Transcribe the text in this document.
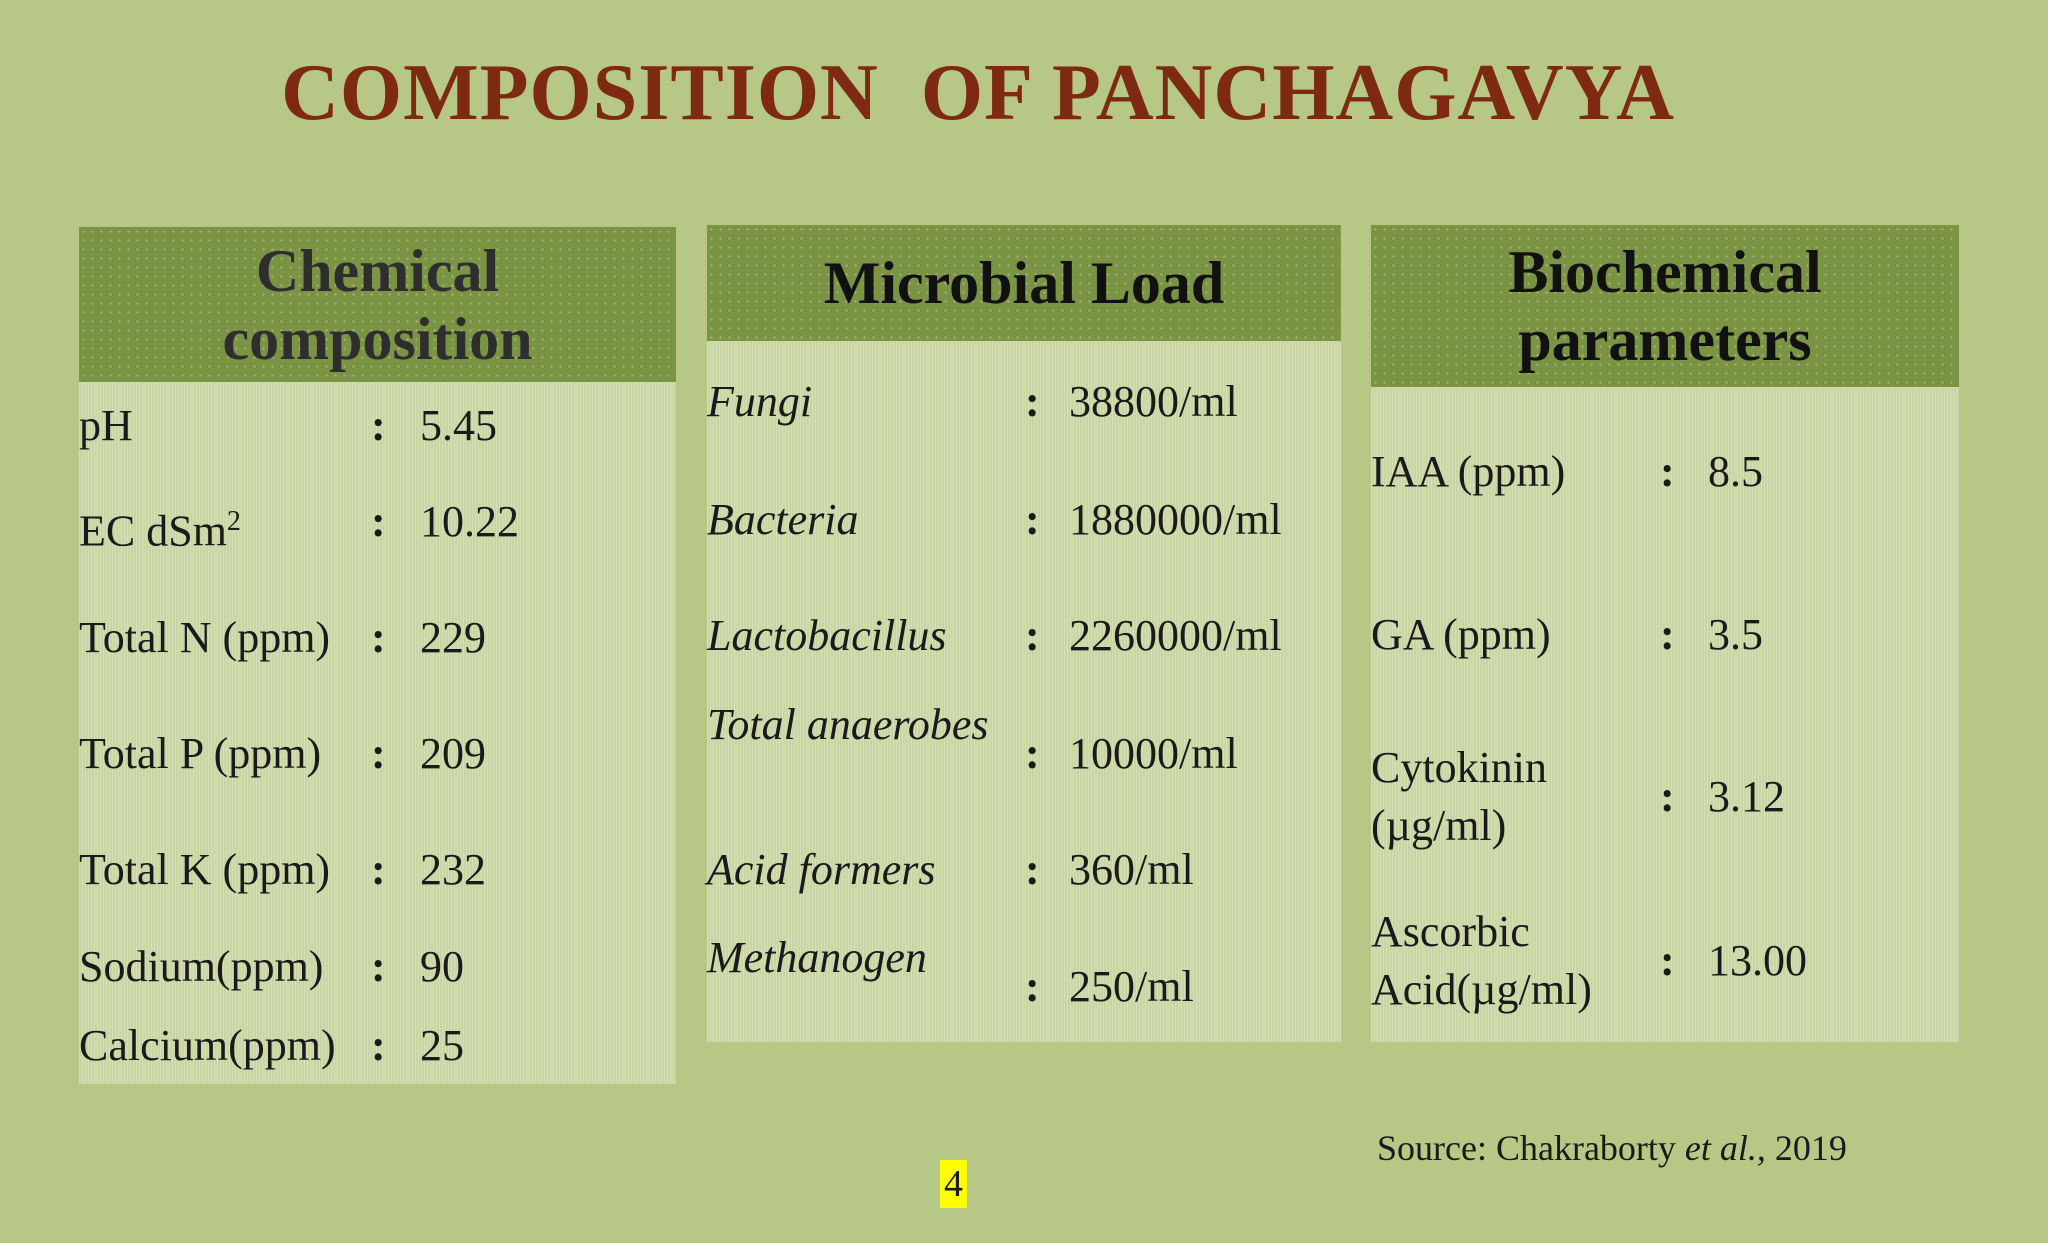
COMPOSITION  OF PANCHAGAVYA
Chemical
composition
pH	: 5.45
EC dSm$^2$	: 10.22
Total N (ppm) : 229
Total P (ppm) : 209
Total K (ppm) : 232
Sodium(ppm) : 90
Calcium(ppm) : 25
Microbial Load
Fungi	: 38800/ml
Bacteria	: 1880000/ml
Lactobacillus : 2260000/ml
Total anaerobes
: 10000/ml
Acid formers : 360/ml
Methanogen
: 250/ml
Biochemical
parameters
IAA (ppm) : 8.5
GA (ppm) : 3.5
Cytokinin
(µg/ml)
: 3.12
Ascorbic
Acid(µg/ml)
: 13.00
Source: Chakraborty et al., 2019
4
